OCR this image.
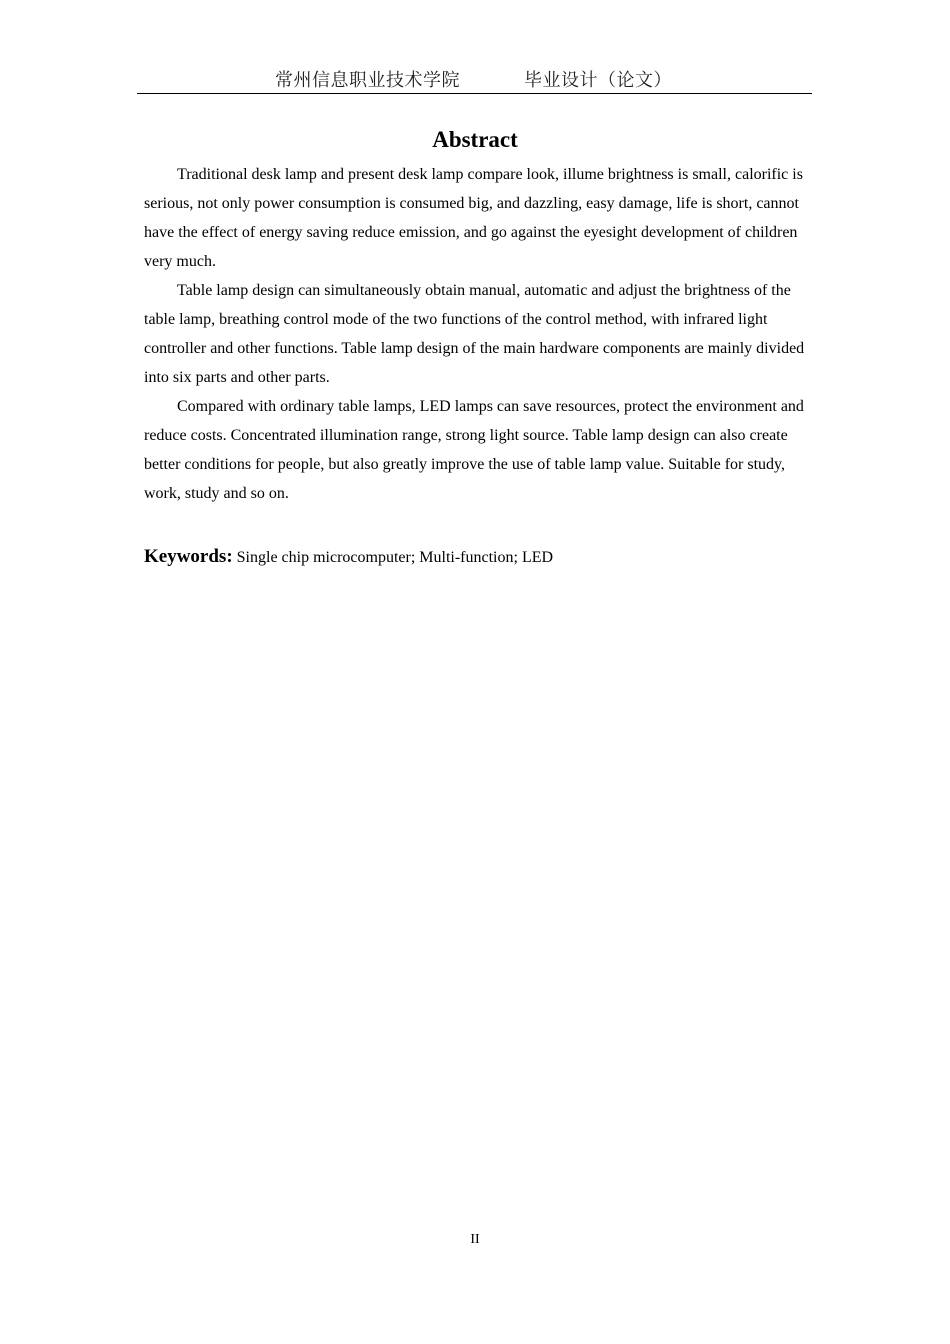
常州信息职业技术学院	毕业设计（论文）
Abstract

Traditional desk lamp and present desk lamp compare look, illume brightness is small, calorific is serious, not only power consumption is consumed big, and dazzling, easy damage, life is short, cannot have the effect of energy saving reduce emission, and go against the eyesight development of children very much.

Table lamp design can simultaneously obtain manual, automatic and adjust the brightness of the table lamp, breathing control mode of the two functions of the control method, with infrared light controller and other functions. Table lamp design of the main hardware components are mainly divided into six parts and other parts.

Compared with ordinary table lamps, LED lamps can save resources, protect the environment and reduce costs. Concentrated illumination range, strong light source. Table lamp design can also create better conditions for people, but also greatly improve the use of table lamp value. Suitable for study, work, study and so on.

Keywords: Single chip microcomputer; Multi-function; LED
II
